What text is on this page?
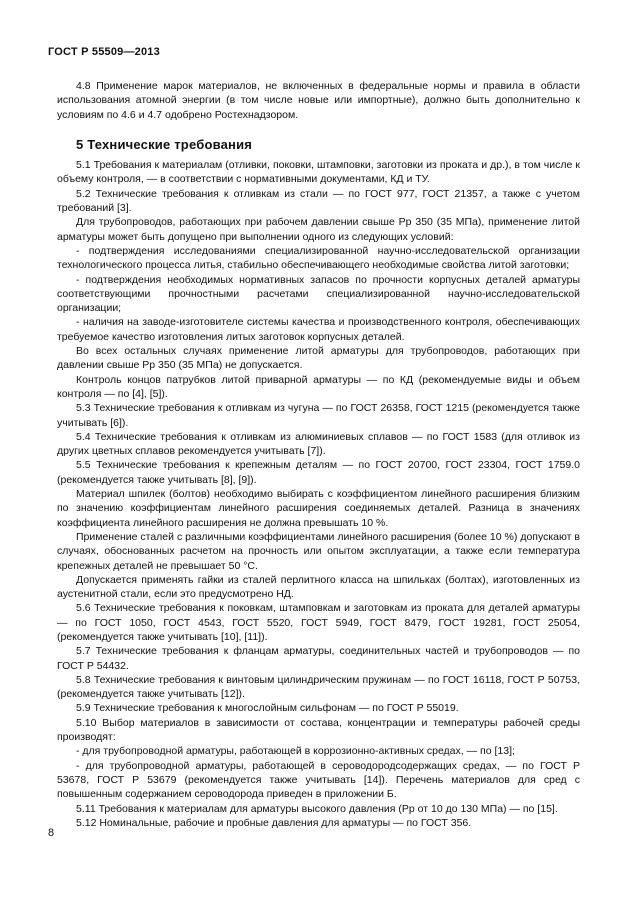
ГОСТ Р 55509—2013

4.8 Применение марок материалов, не включенных в федеральные нормы и правила в области использования атомной энергии (в том числе новые или импортные), должно быть дополнительно к условиям по 4.6 и 4.7 одобрено Ростехнадзором.

5 Технические требования

5.1 Требования к материалам (отливки, поковки, штамповки, заготовки из проката и др.), в том числе к объему контроля, — в соответствии с нормативными документами, КД и ТУ.

5.2 Технические требования к отливкам из стали — по ГОСТ 977, ГОСТ 21357, а также с учетом требований [3].

Для трубопроводов, работающих при рабочем давлении свыше Рр 350 (35 МПа), применение литой арматуры может быть допущено при выполнении одного из следующих условий:

- подтверждения исследованиями специализированной научно-исследовательской организации технологического процесса литья, стабильно обеспечивающего необходимые свойства литой заготовки;

- подтверждения необходимых нормативных запасов по прочности корпусных деталей арматуры соответствующими прочностными расчетами специализированной научно-исследовательской организации;

- наличия на заводе-изготовителе системы качества и производственного контроля, обеспечивающих требуемое качество изготовления литых заготовок корпусных деталей.

Во всех остальных случаях применение литой арматуры для трубопроводов, работающих при давлении свыше Рр 350 (35 МПа) не допускается.

Контроль концов патрубков литой приварной арматуры — по КД (рекомендуемые виды и объем контроля — по [4], [5]).

5.3 Технические требования к отливкам из чугуна — по ГОСТ 26358, ГОСТ 1215 (рекомендуется также учитывать [6]).

5.4 Технические требования к отливкам из алюминиевых сплавов — по ГОСТ 1583 (для отливок из других цветных сплавов рекомендуется учитывать [7]).

5.5 Технические требования к крепежным деталям — по ГОСТ 20700, ГОСТ 23304, ГОСТ 1759.0 (рекомендуется также учитывать [8], [9]).

Материал шпилек (болтов) необходимо выбирать с коэффициентом линейного расширения близким по значению коэффициентам линейного расширения соединяемых деталей. Разница в значениях коэффициента линейного расширения не должна превышать 10 %.

Применение сталей с различными коэффициентами линейного расширения (более 10 %) допускают в случаях, обоснованных расчетом на прочность или опытом эксплуатации, а также если температура крепежных деталей не превышает 50 °С.

Допускается применять гайки из сталей перлитного класса на шпильках (болтах), изготовленных из аустенитной стали, если это предусмотрено НД.

5.6 Технические требования к поковкам, штамповкам и заготовкам из проката для деталей арматуры — по ГОСТ 1050, ГОСТ 4543, ГОСТ 5520, ГОСТ 5949, ГОСТ 8479, ГОСТ 19281, ГОСТ 25054, (рекомендуется также учитывать [10], [11]).

5.7 Технические требования к фланцам арматуры, соединительных частей и трубопроводов — по ГОСТ Р 54432.

5.8 Технические требования к винтовым цилиндрическим пружинам — по ГОСТ 16118, ГОСТ Р 50753, (рекомендуется также учитывать [12]).

5.9 Технические требования к многослойным сильфонам — по ГОСТ Р 55019.

5.10 Выбор материалов в зависимости от состава, концентрации и температуры рабочей среды производят:

- для трубопроводной арматуры, работающей в коррозионно-активных средах, — по [13];

- для трубопроводной арматуры, работающей в сероводородсодержащих средах, — по ГОСТ Р 53678, ГОСТ Р 53679 (рекомендуется также учитывать [14]). Перечень материалов для сред с повышенным содержанием сероводорода приведен в приложении Б.

5.11 Требования к материалам для арматуры высокого давления (Рр от 10 до 130 МПа) — по [15].

5.12 Номинальные, рабочие и пробные давления для арматуры — по ГОСТ 356.

8
